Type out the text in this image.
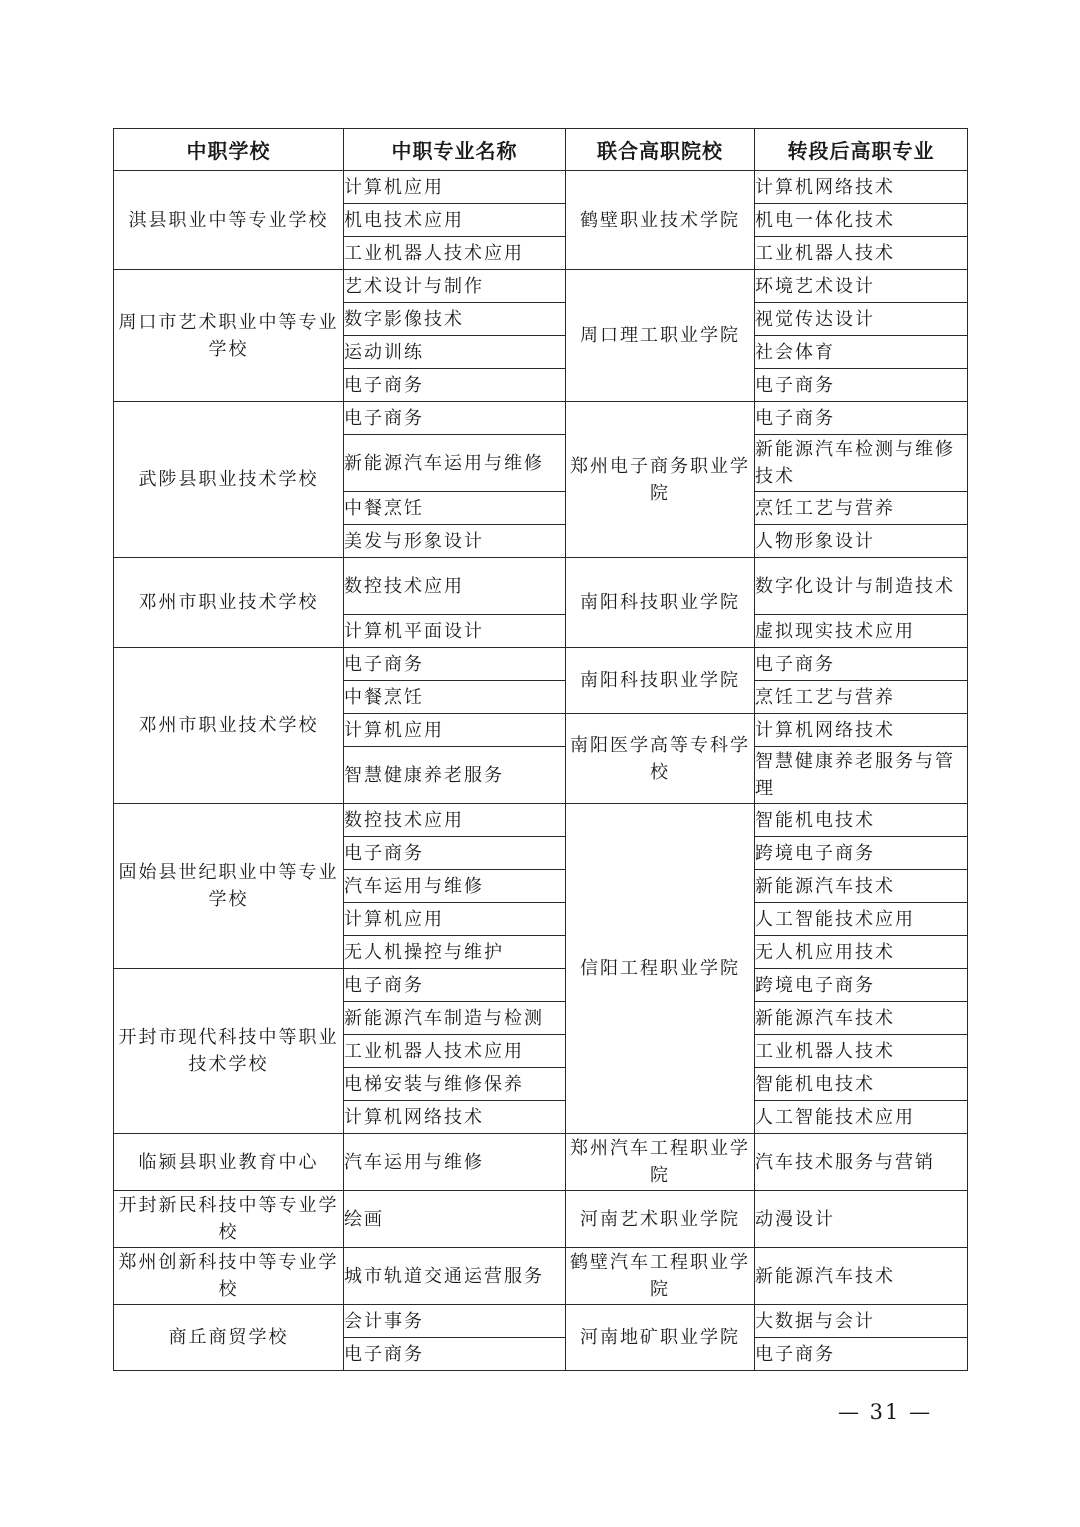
中职学校	中职专业名称	联合高职院校	转段后高职专业
淇县职业中等专业学校	计算机应用	鹤壁职业技术学院	计算机网络技术
	机电技术应用		机电一体化技术
	工业机器人技术应用		工业机器人技术
周口市艺术职业中等专业学校	艺术设计与制作	周口理工职业学院	环境艺术设计
	数字影像技术		视觉传达设计
	运动训练		社会体育
	电子商务		电子商务
武陟县职业技术学校	电子商务	郑州电子商务职业学院	电子商务
	新能源汽车运用与维修		新能源汽车检测与维修技术
	中餐烹饪		烹饪工艺与营养
	美发与形象设计		人物形象设计
邓州市职业技术学校	数控技术应用	南阳科技职业学院	数字化设计与制造技术
	计算机平面设计		虚拟现实技术应用
邓州市职业技术学校	电子商务	南阳科技职业学院	电子商务
	中餐烹饪		烹饪工艺与营养
	计算机应用	南阳医学高等专科学校	计算机网络技术
	智慧健康养老服务		智慧健康养老服务与管理
固始县世纪职业中等专业学校	数控技术应用	信阳工程职业学院	智能机电技术
	电子商务		跨境电子商务
	汽车运用与维修		新能源汽车技术
	计算机应用		人工智能技术应用
	无人机操控与维护		无人机应用技术
开封市现代科技中等职业技术学校	电子商务		跨境电子商务
	新能源汽车制造与检测		新能源汽车技术
	工业机器人技术应用		工业机器人技术
	电梯安装与维修保养		智能机电技术
	计算机网络技术		人工智能技术应用
临颍县职业教育中心	汽车运用与维修	郑州汽车工程职业学院	汽车技术服务与营销
开封新民科技中等专业学校	绘画	河南艺术职业学院	动漫设计
郑州创新科技中等专业学校	城市轨道交通运营服务	鹤壁汽车工程职业学院	新能源汽车技术
商丘商贸学校	会计事务	河南地矿职业学院	大数据与会计
	电子商务		电子商务
— 31 —
